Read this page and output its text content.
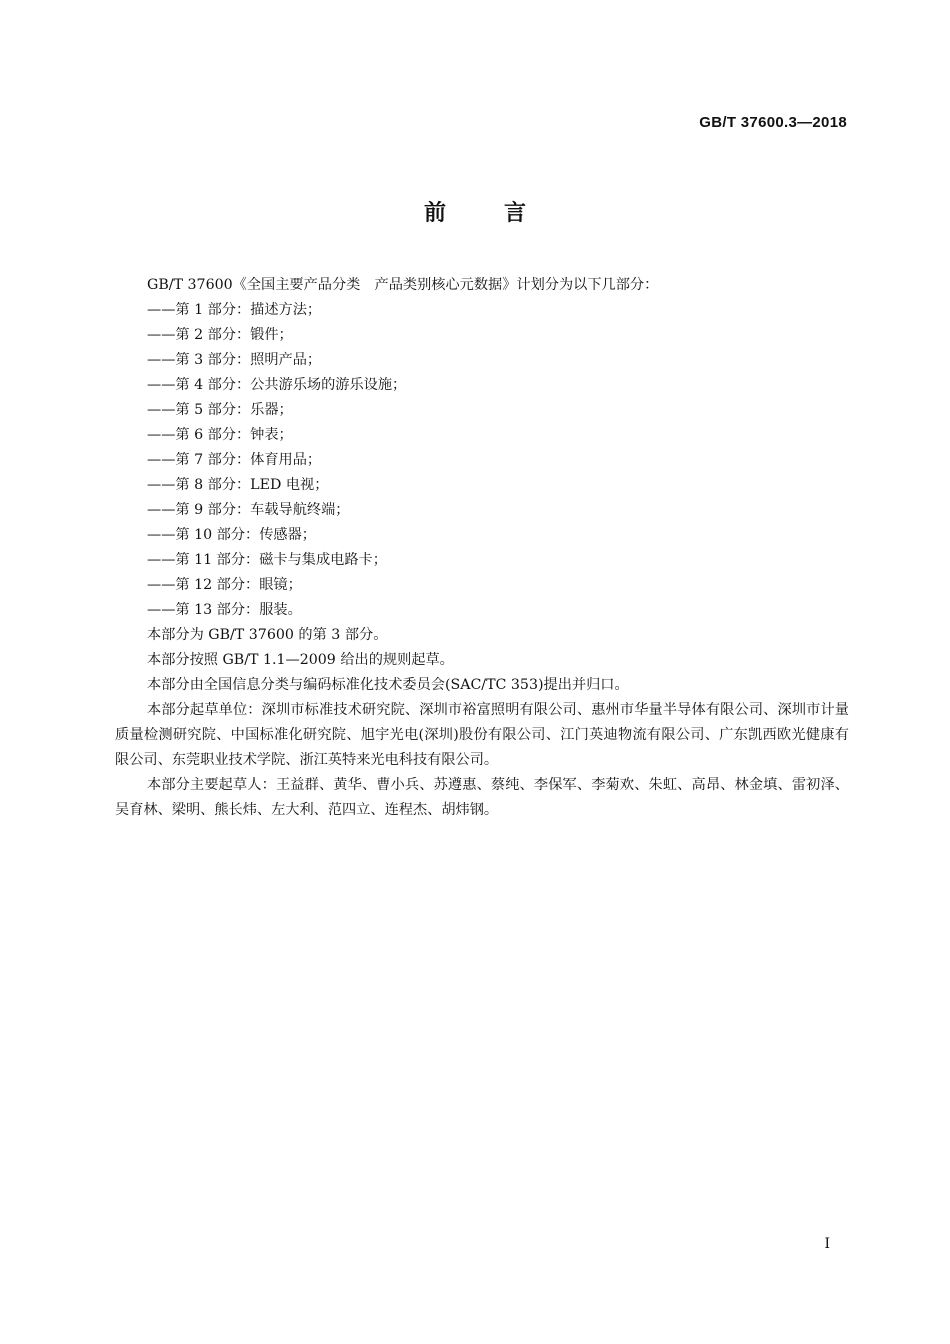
GB/T 37600.3—2018
前	言

GB/T 37600《全国主要产品分类　产品类别核心元数据》计划分为以下几部分：

——第 1 部分：描述方法；

——第 2 部分：锻件；

——第 3 部分：照明产品；

——第 4 部分：公共游乐场的游乐设施；

——第 5 部分：乐器；

——第 6 部分：钟表；

——第 7 部分：体育用品；

——第 8 部分：LED 电视；

——第 9 部分：车载导航终端；

——第 10 部分：传感器；

——第 11 部分：磁卡与集成电路卡；

——第 12 部分：眼镜；

——第 13 部分：服装。

本部分为 GB/T 37600 的第 3 部分。

本部分按照 GB/T 1.1—2009 给出的规则起草。

本部分由全国信息分类与编码标准化技术委员会(SAC/TC 353)提出并归口。

本部分起草单位：深圳市标准技术研究院、深圳市裕富照明有限公司、惠州市华量半导体有限公司、深圳市计量质量检测研究院、中国标准化研究院、旭宇光电(深圳)股份有限公司、江门英迪物流有限公司、广东凯西欧光健康有限公司、东莞职业技术学院、浙江英特来光电科技有限公司。

本部分主要起草人：王益群、黄华、曹小兵、苏遵惠、蔡纯、李保军、李菊欢、朱虹、高昂、林金填、雷初泽、吴育林、梁明、熊长炜、左大利、范四立、连程杰、胡炜钢。

I
